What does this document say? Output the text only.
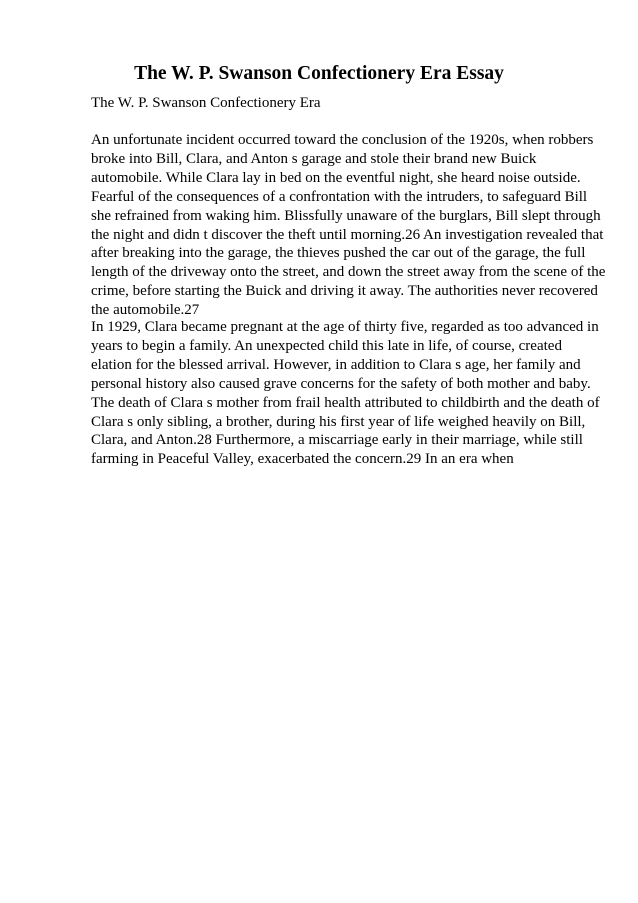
The W. P. Swanson Confectionery Era Essay

The W. P. Swanson Confectionery Era

An unfortunate incident occurred toward the conclusion of the 1920s, when robbers
broke into Bill, Clara, and Anton s garage and stole their brand new Buick
automobile. While Clara lay in bed on the eventful night, she heard noise outside.
Fearful of the consequences of a confrontation with the intruders, to safeguard Bill
she refrained from waking him. Blissfully unaware of the burglars, Bill slept through
the night and didn t discover the theft until morning.26 An investigation revealed that
after breaking into the garage, the thieves pushed the car out of the garage, the full
length of the driveway onto the street, and down the street away from the scene of the
crime, before starting the Buick and driving it away. The authorities never recovered
the automobile.27

In 1929, Clara became pregnant at the age of thirty five, regarded as too advanced in
years to begin a family. An unexpected child this late in life, of course, created
elation for the blessed arrival. However, in addition to Clara s age, her family and
personal history also caused grave concerns for the safety of both mother and baby.
The death of Clara s mother from frail health attributed to childbirth and the death of
Clara s only sibling, a brother, during his first year of life weighed heavily on Bill,
Clara, and Anton.28 Furthermore, a miscarriage early in their marriage, while still
farming in Peaceful Valley, exacerbated the concern.29 In an era when
